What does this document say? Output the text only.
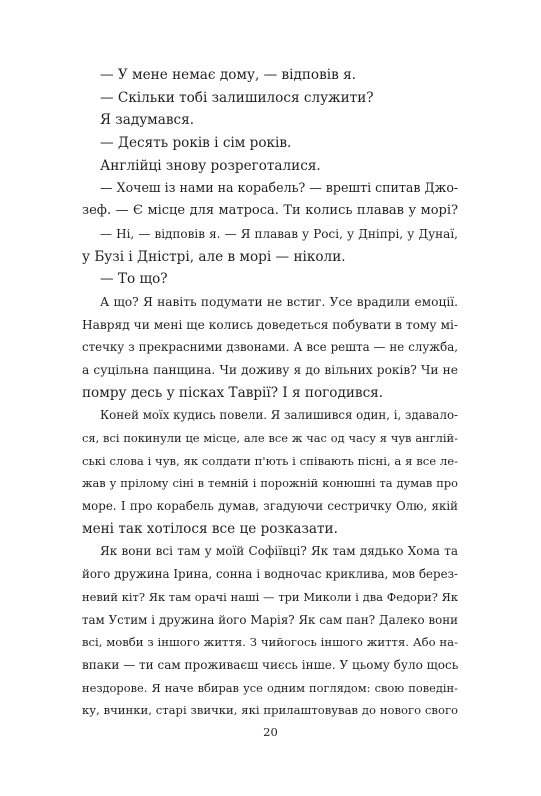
— У мене немає дому, — відповів я.
— Скільки тобі залишилося служити?
Я задумався.
— Десять років і сім років.
Англійці знову розреготалися.
— Хочеш із нами на корабель? — врешті спитав Джо-
зеф. — Є місце для матроса. Ти колись плавав у морі?
— Ні, — відповів я. — Я плавав у Росі, у Дніпрі, у Дунаї,
у Бузі і Дністрі, але в морі — ніколи.
— То що?
А що? Я навіть подумати не встиг. Усе врадили емоції.
Навряд чи мені ще колись доведеться побувати в тому мі-
стечку з прекрасними дзвонами. А все решта — не служба,
а суцільна панщина. Чи доживу я до вільних років? Чи не
помру десь у пісках Таврії? І я погодився.
Коней моїх кудись повели. Я залишився один, і, здавало-
ся, всі покинули це місце, але все ж час од часу я чув англій-
ські слова і чув, як солдати п'ють і співають пісні, а я все ле-
жав у прілому сіні в темній і порожній конюшні та думав про
море. І про корабель думав, згадуючи сестричку Олю, якій
мені так хотілося все це розказати.
Як вони всі там у моїй Софіївці? Як там дядько Хома та
його дружина Ірина, сонна і водночас криклива, мов берез-
невий кіт? Як там орачі наші — три Миколи і два Федори? Як
там Устим і дружина його Марія? Як сам пан? Далеко вони
всі, мовби з іншого життя. З чийогось іншого життя. Або на-
впаки — ти сам проживаєш чиєсь інше. У цьому було щось
нездорове. Я наче вбирав усе одним поглядом: свою поведін-
ку, вчинки, старі звички, які прилаштовував до нового свого
20
